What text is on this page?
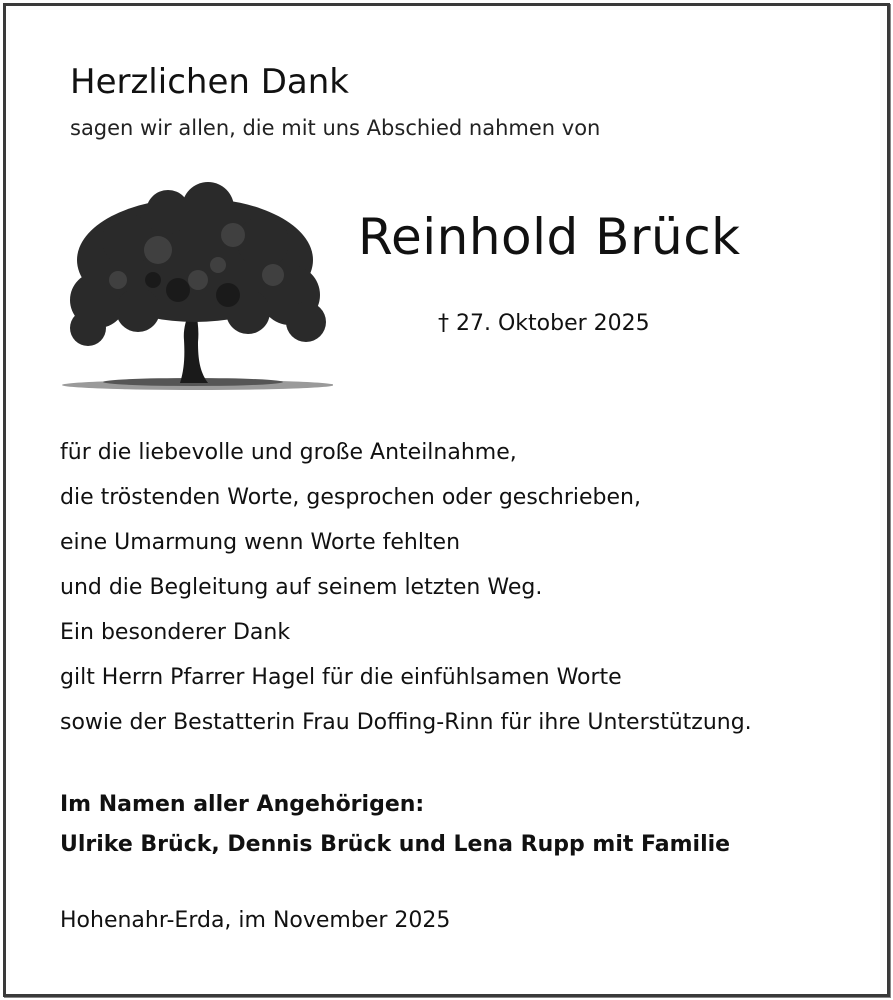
Herzlichen Dank
sagen wir allen, die mit uns Abschied nahmen von
Reinhold Brück
† 27. Oktober 2025
für die liebevolle und große Anteilnahme,
die tröstenden Worte, gesprochen oder geschrieben,
eine Umarmung wenn Worte fehlten
und die Begleitung auf seinem letzten Weg.
Ein besonderer Dank
gilt Herrn Pfarrer Hagel für die einfühlsamen Worte
sowie der Bestatterin Frau Doffing-Rinn für ihre Unterstützung.
Im Namen aller Angehörigen:
Ulrike Brück, Dennis Brück und Lena Rupp mit Familie
Hohenahr-Erda, im November 2025
